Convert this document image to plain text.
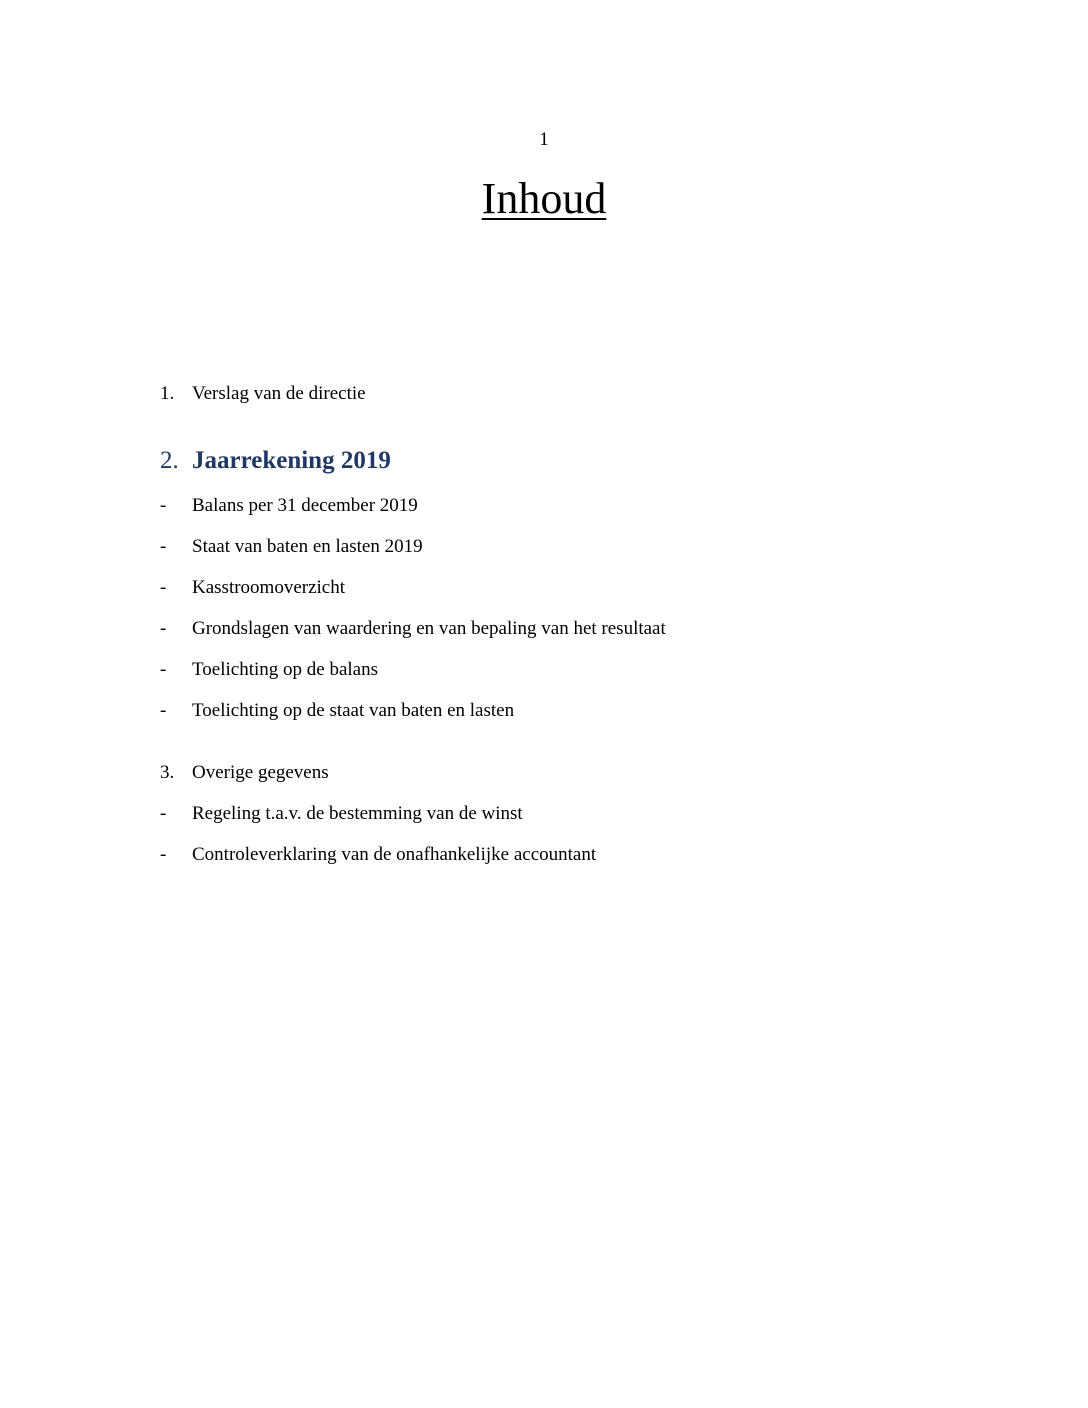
1
Inhoud
1. Verslag van de directie
2. Jaarrekening 2019
- Balans per 31 december 2019
- Staat van baten en lasten 2019
- Kasstroomoverzicht
- Grondslagen van waardering en van bepaling van het resultaat
- Toelichting op de balans
- Toelichting op de staat van baten en lasten
3. Overige gegevens
- Regeling t.a.v. de bestemming van de winst
- Controleverklaring van de onafhankelijke accountant
